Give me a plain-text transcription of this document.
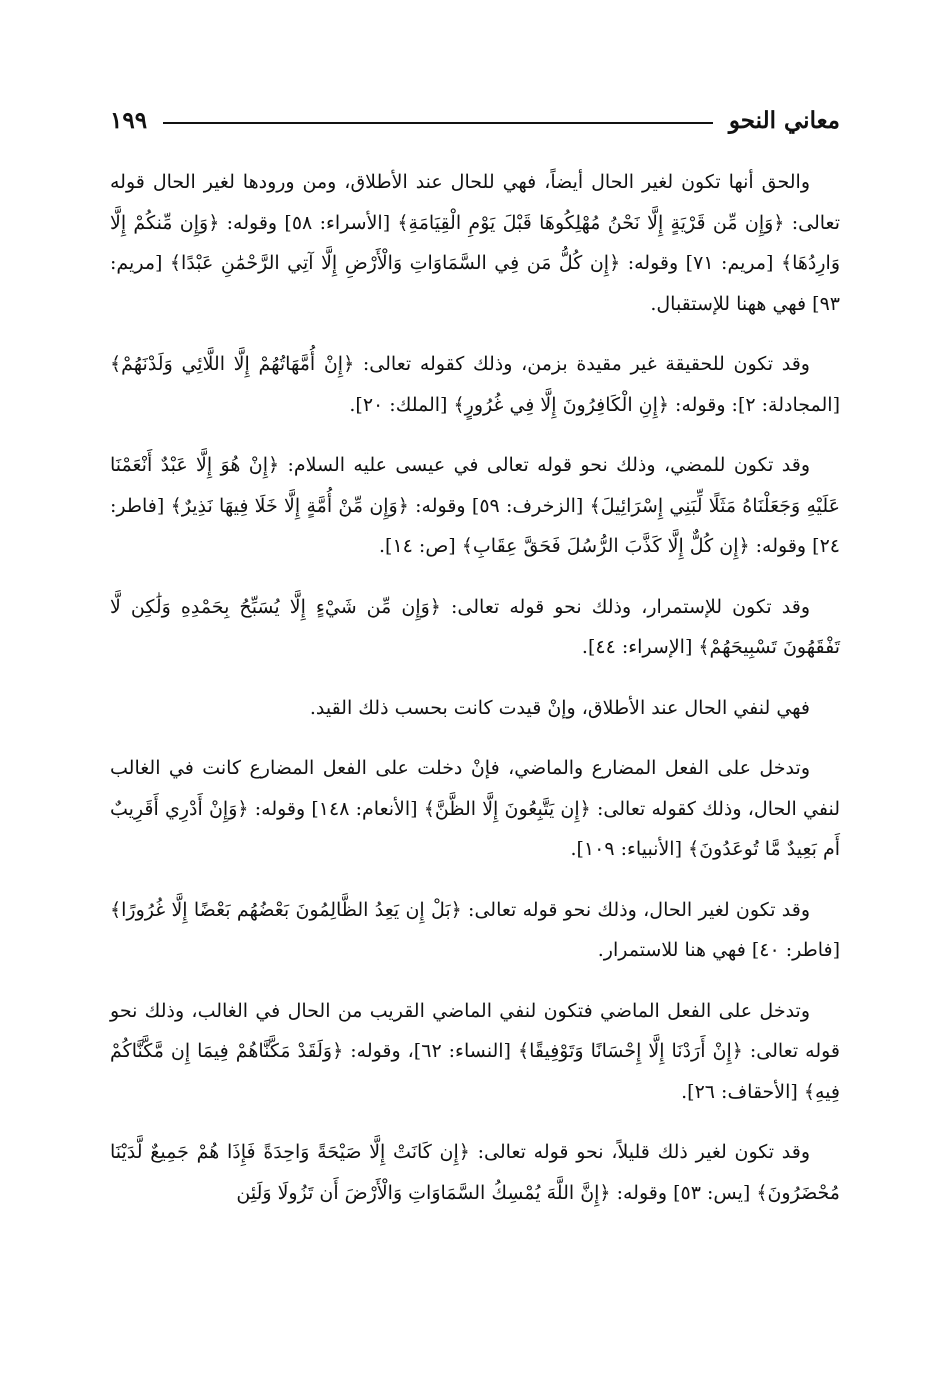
معاني النحو
١٩٩

والحق أنها تكون لغير الحال أيضاً، فهي للحال عند الأطلاق، ومن ورودها لغير الحال قوله تعالى: ﴿وَإِن مِّن قَرْيَةٍ إِلَّا نَحْنُ مُهْلِكُوهَا قَبْلَ يَوْمِ الْقِيَامَةِ﴾ [الأسراء: ٥٨] وقوله: ﴿وَإِن مِّنكُمْ إِلَّا وَارِدُهَا﴾ [مريم: ٧١] وقوله: ﴿إِن كُلُّ مَن فِي السَّمَاوَاتِ وَالْأَرْضِ إِلَّا آتِي الرَّحْمَٰنِ عَبْدًا﴾ [مريم: ٩٣] فهي ههنا للإستقبال.

وقد تكون للحقيقة غير مقيدة بزمن، وذلك كقوله تعالى: ﴿إِنْ أُمَّهَاتُهُمْ إِلَّا اللَّائِي وَلَدْنَهُمْ﴾ [المجادلة: ٢]: وقوله: ﴿إِنِ الْكَافِرُونَ إِلَّا فِي غُرُورٍ﴾ [الملك: ٢٠].

وقد تكون للمضي، وذلك نحو قوله تعالى في عيسى عليه السلام: ﴿إِنْ هُوَ إِلَّا عَبْدٌ أَنْعَمْنَا عَلَيْهِ وَجَعَلْنَاهُ مَثَلًا لِّبَنِي إِسْرَائِيلَ﴾ [الزخرف: ٥٩] وقوله: ﴿وَإِن مِّنْ أُمَّةٍ إِلَّا خَلَا فِيهَا نَذِيرٌ﴾ [فاطر: ٢٤] وقوله: ﴿إِن كُلٌّ إِلَّا كَذَّبَ الرُّسُلَ فَحَقَّ عِقَابِ﴾ [ص: ١٤].

وقد تكون للإستمرار، وذلك نحو قوله تعالى: ﴿وَإِن مِّن شَيْءٍ إِلَّا يُسَبِّحُ بِحَمْدِهِ وَلَٰكِن لَّا تَفْقَهُونَ تَسْبِيحَهُمْ﴾ [الإسراء: ٤٤].

فهي لنفي الحال عند الأطلاق، وإنْ قيدت كانت بحسب ذلك القيد.

وتدخل على الفعل المضارع والماضي، فإنْ دخلت على الفعل المضارع كانت في الغالب لنفي الحال، وذلك كقوله تعالى: ﴿إِن يَتَّبِعُونَ إِلَّا الظَّنَّ﴾ [الأنعام: ١٤٨] وقوله: ﴿وَإِنْ أَدْرِي أَقَرِيبٌ أَم بَعِيدٌ مَّا تُوعَدُونَ﴾ [الأنبياء: ١٠٩].

وقد تكون لغير الحال، وذلك نحو قوله تعالى: ﴿بَلْ إِن يَعِدُ الظَّالِمُونَ بَعْضُهُم بَعْضًا إِلَّا غُرُورًا﴾ [فاطر: ٤٠] فهي هنا للاستمرار.

وتدخل على الفعل الماضي فتكون لنفي الماضي القريب من الحال في الغالب، وذلك نحو قوله تعالى: ﴿إِنْ أَرَدْنَا إِلَّا إِحْسَانًا وَتَوْفِيقًا﴾ [النساء: ٦٢]، وقوله: ﴿وَلَقَدْ مَكَّنَّاهُمْ فِيمَا إِن مَّكَّنَّاكُمْ فِيهِ﴾ [الأحقاف: ٢٦].

وقد تكون لغير ذلك قليلاً، نحو قوله تعالى: ﴿إِن كَانَتْ إِلَّا صَيْحَةً وَاحِدَةً فَإِذَا هُمْ جَمِيعٌ لَّدَيْنَا مُحْضَرُونَ﴾ [يس: ٥٣] وقوله: ﴿إِنَّ اللَّهَ يُمْسِكُ السَّمَاوَاتِ وَالْأَرْضَ أَن تَزُولَا وَلَئِن
